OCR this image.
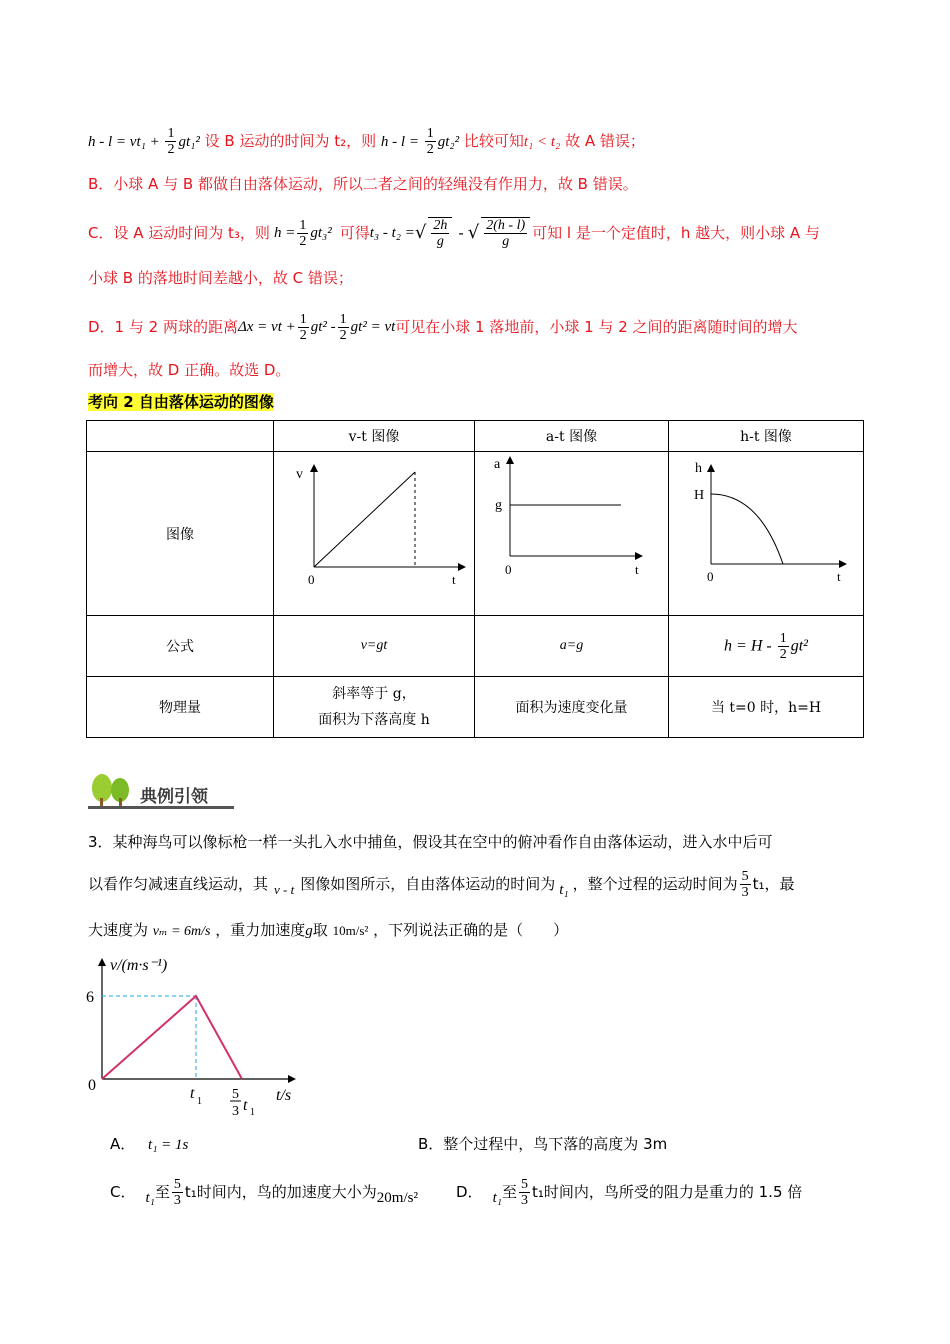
$h - l = vt_1 + \frac{1}{2} gt_1^2$ 设 B 运动的时间为 t₂，则 $h - l = \frac{1}{2} gt_2^2$ 比较可知t₁ < t₂ 故 A 错误；
B．小球 A 与 B 都做自由落体运动，所以二者之间的轻绳没有作用力，故 B 错误。
C．设 A 运动时间为 t₃，则 $h = \frac{1}{2} gt_3^2$ 可得 t₃ - t₂ = √ $\frac{2h}{g}$ - √ $\frac{2(h - l)}{g}$ 可知 l 是一个定值时，h 越大，则小球 A 与
小球 B 的落地时间差越小，故 C 错误；
D．1 与 2 两球的距离 Δx = vt + $\frac{1}{2} gt^2 - \frac{1}{2} gt^2$ = vt 可见在小球 1 落地前，小球 1 与 2 之间的距离随时间的增大
而增大，故 D 正确。故选 D。
考向 2 自由落体运动的图像
	v-t 图像	a-t 图像	h-t 图像
图像	v
0 t	a
g
0 t	h
H
0 t

公式	v=gt	a=g	$h = H - \frac{1}{2} gt^2$
物理量	斜率等于 g，
面积为下落高度 h	面积为速度变化量	当 t=0 时，h=H
典例引领
3．某种海鸟可以像标枪一样一头扎入水中捕鱼，假设其在空中的俯冲看作自由落体运动，进入水中后可
以看作匀减速直线运动，其 v - t 图像如图所示，自由落体运动的时间为 t₁ ，整个过程的运动时间为 $\frac{5}{3} t_1$，最
大速度为 vₘ = 6m/s ，重力加速度g取 10m/s² ，下列说法正确的是（　　）
v/(m·s⁻¹)
6
0	t 1 5
3 t 1
t/s
A． t₁ = 1s	B．整个过程中，鸟下落的高度为 3m
C． t₁ 至 $\frac{5}{3} t_1$时间内，鸟的加速度大小为 20m/s²	D． t₁ 至 $\frac{5}{3} t_1$时间内，鸟所受的阻力是重力的 1.5 倍
